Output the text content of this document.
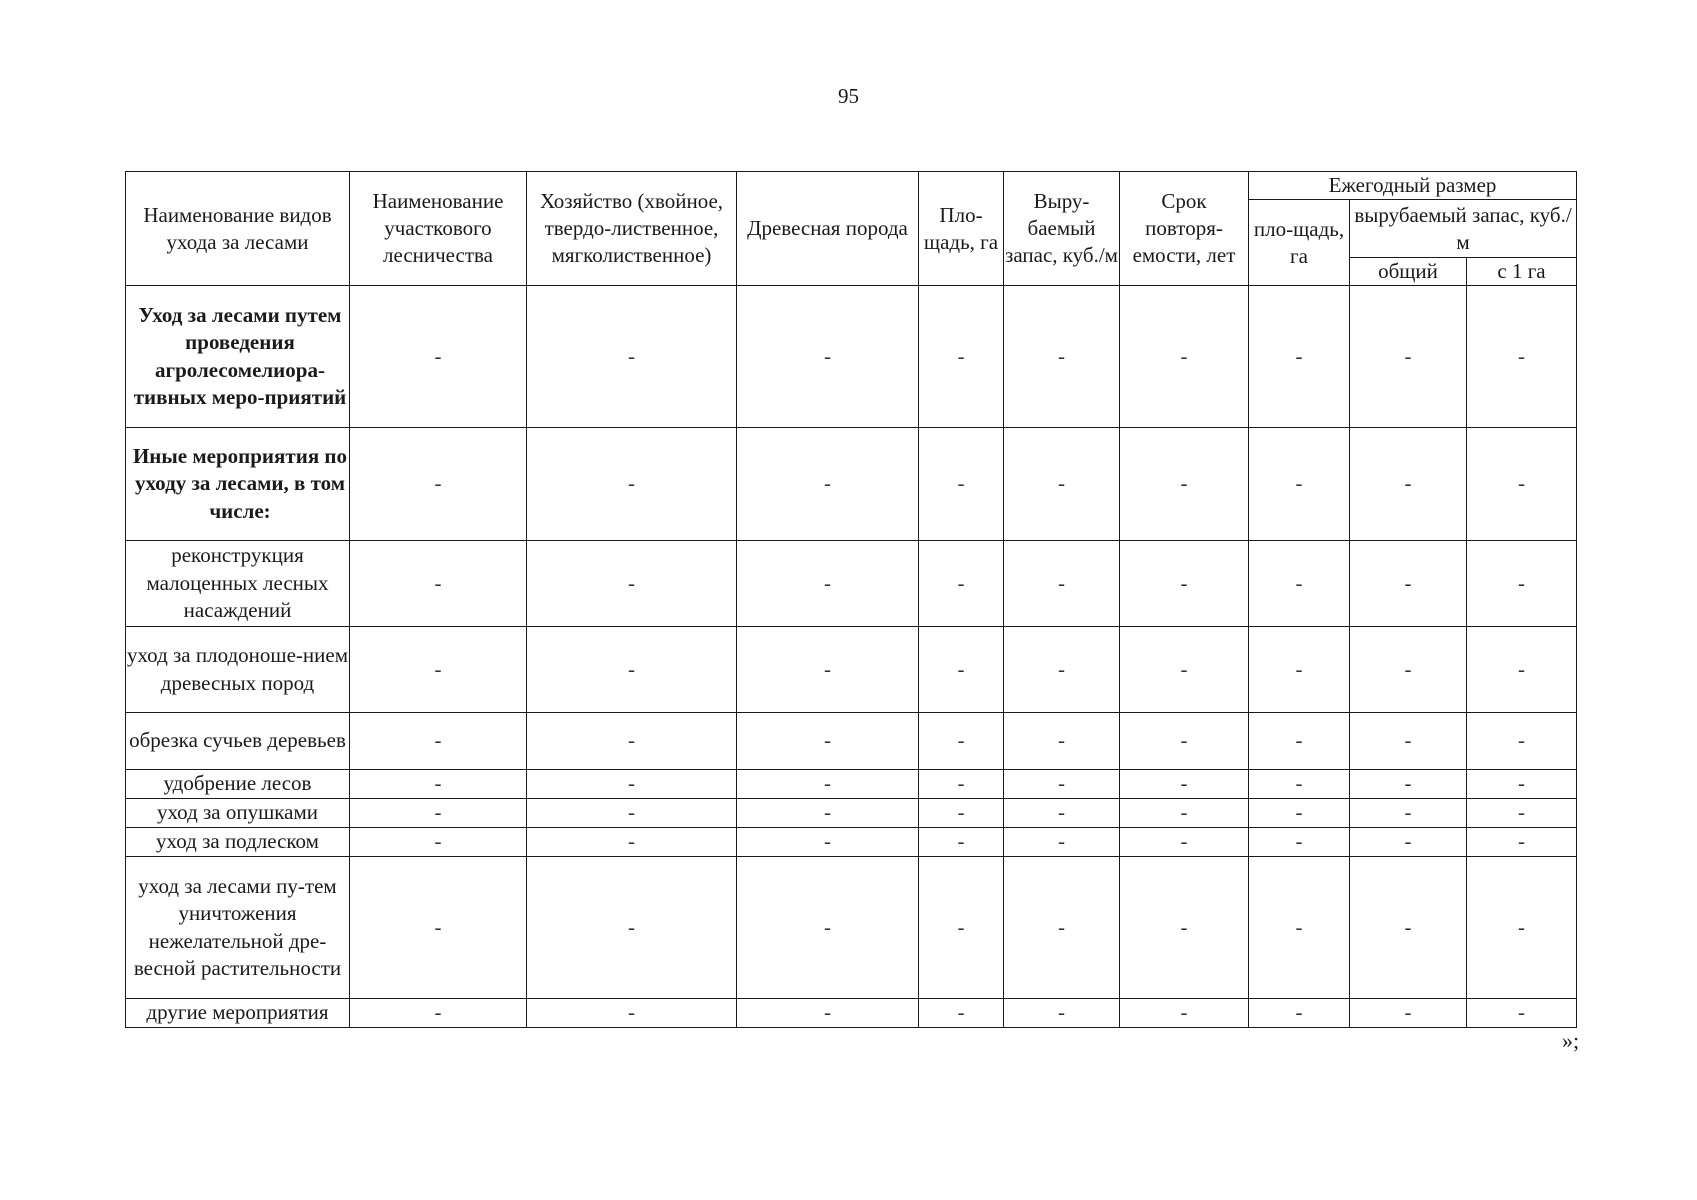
95
Наименование видов ухода за лесами	Наименование участкового лесничества	Хозяйство (хвойное, твердо-лиственное, мягколиственное)	Древесная порода	Пло-щадь, га	Выру-баемый запас, куб./м	Срок повторя-емости, лет	Ежегодный размер		
							пло-щадь, га	вырубаемый запас, куб./м	
								общий	с 1 га
Уход за лесами путем проведения агролесомелиора-тивных меро-приятий	-	-	-	-	-	-	-	-	-
Иные мероприятия по уходу за лесами, в том числе:	-	-	-	-	-	-	-	-	-
реконструкция малоценных лесных насаждений	-	-	-	-	-	-	-	-	-
уход за плодоноше-нием древесных пород	-	-	-	-	-	-	-	-	-
обрезка сучьев деревьев	-	-	-	-	-	-	-	-	-
удобрение лесов	-	-	-	-	-	-	-	-	-
уход за опушками	-	-	-	-	-	-	-	-	-
уход за подлеском	-	-	-	-	-	-	-	-	-
уход за лесами пу-тем уничтожения нежелательной дре-весной растительности	-	-	-	-	-	-	-	-	-
другие мероприятия	-	-	-	-	-	-	-	-	-
»;
